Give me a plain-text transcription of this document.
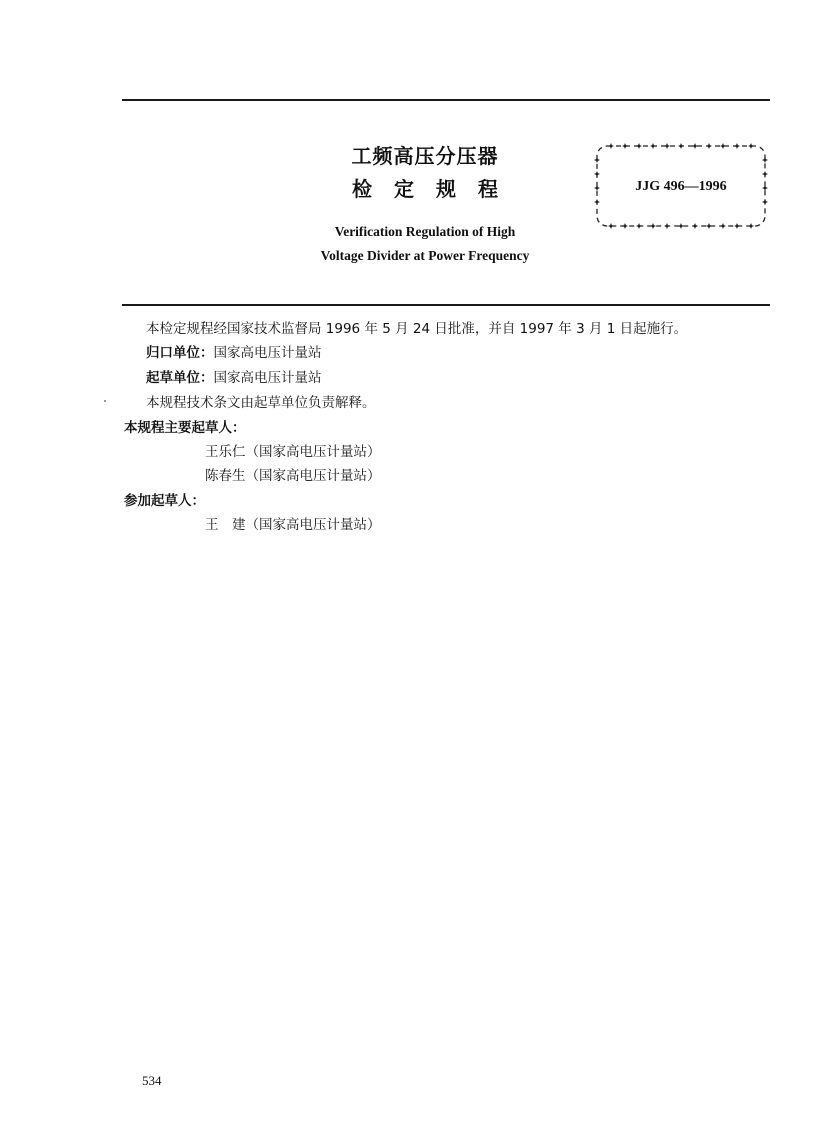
工频高压分压器
检定规程
Verification Regulation of High
Voltage Divider at Power Frequency
JJG 496—1996
本检定规程经国家技术监督局 1996 年 5 月 24 日批准，并自 1997 年 3 月 1 日起施行。
归口单位：国家高电压计量站
起草单位：国家高电压计量站
本规程技术条文由起草单位负责解释。
本规程主要起草人：
王乐仁（国家高电压计量站）
陈春生（国家高电压计量站）
参加起草人：
王　建（国家高电压计量站）
534
